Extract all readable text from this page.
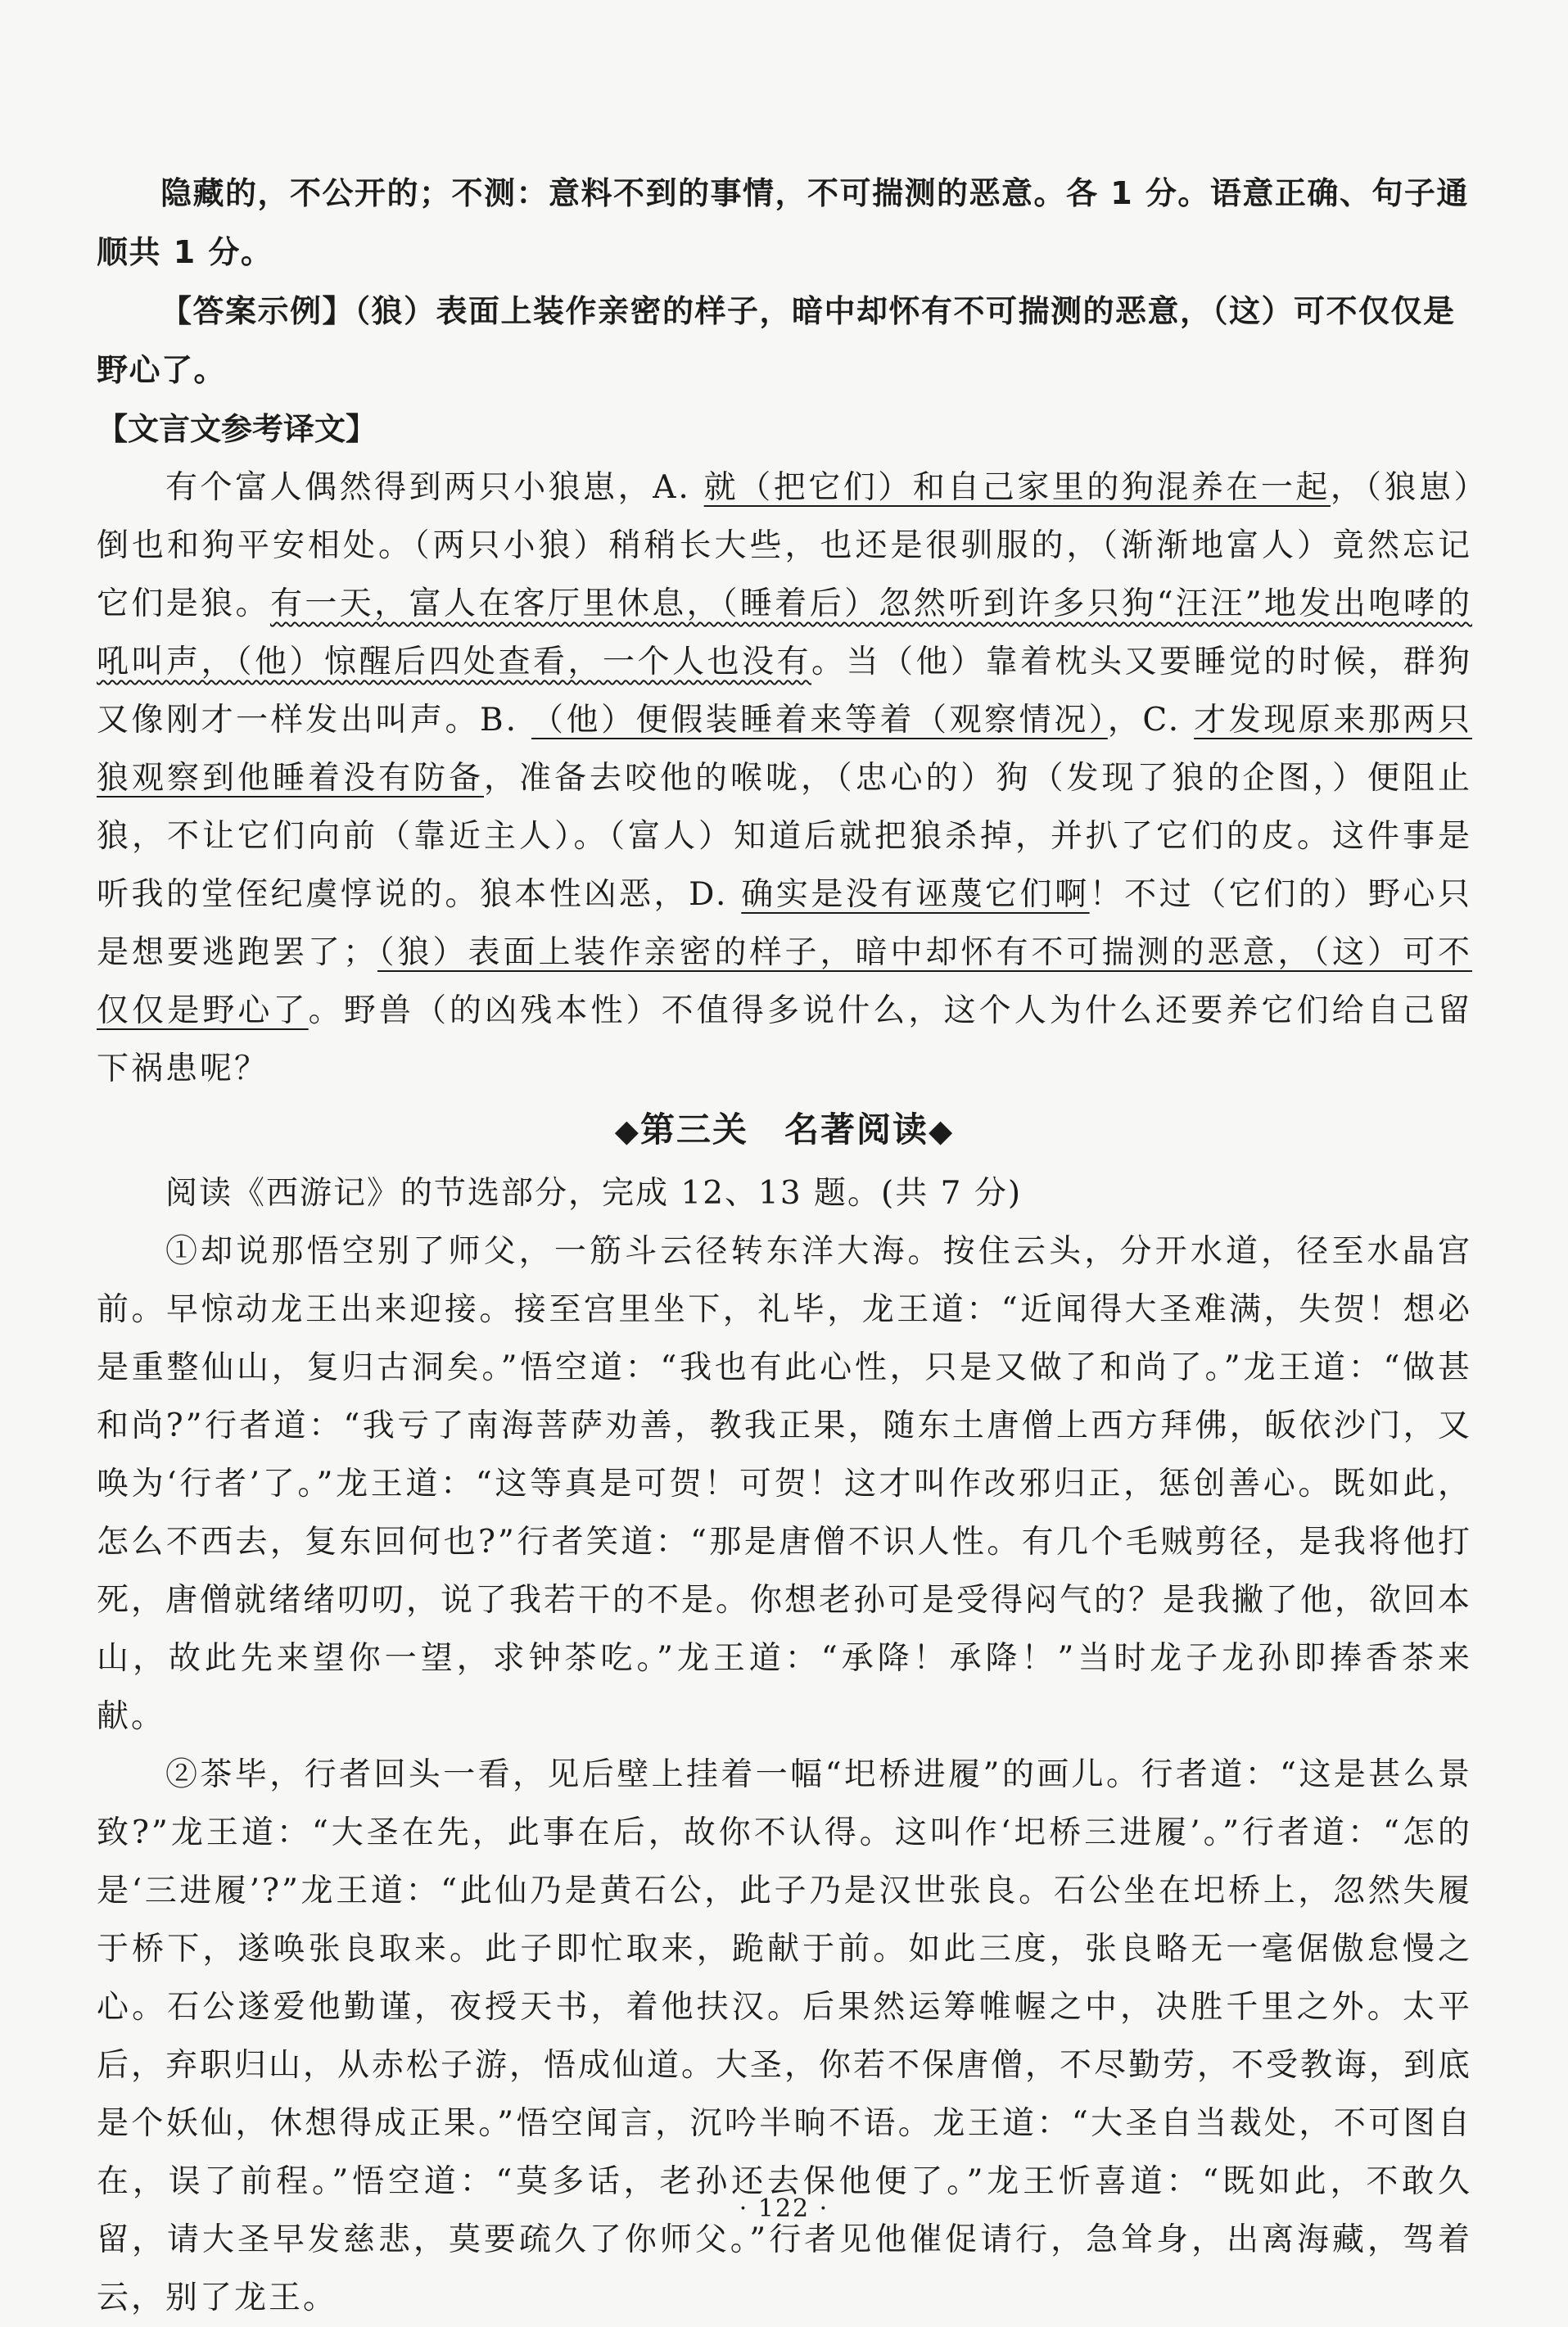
隐藏的，不公开的；不测：意料不到的事情，不可揣测的恶意。各 1 分。语意正确、句子通顺共 1 分。

【答案示例】（狼）表面上装作亲密的样子，暗中却怀有不可揣测的恶意，（这）可不仅仅是野心了。

【文言文参考译文】

有个富人偶然得到两只小狼崽，A. 就（把它们）和自己家里的狗混养在一起，（狼崽）倒也和狗平安相处。（两只小狼）稍稍长大些，也还是很驯服的，（渐渐地富人）竟然忘记它们是狼。有一天，富人在客厅里休息，（睡着后）忽然听到许多只狗“汪汪”地发出咆哮的吼叫声，（他）惊醒后四处查看，一个人也没有。当（他）靠着枕头又要睡觉的时候，群狗又像刚才一样发出叫声。B. （他）便假装睡着来等着（观察情况），C. 才发现原来那两只狼观察到他睡着没有防备，准备去咬他的喉咙，（忠心的）狗（发现了狼的企图，）便阻止狼，不让它们向前（靠近主人）。（富人）知道后就把狼杀掉，并扒了它们的皮。这件事是听我的堂侄纪虞惇说的。狼本性凶恶，D. 确实是没有诬蔑它们啊！不过（它们的）野心只是想要逃跑罢了；（狼）表面上装作亲密的样子，暗中却怀有不可揣测的恶意，（这）可不仅仅是野心了。野兽（的凶残本性）不值得多说什么，这个人为什么还要养它们给自己留下祸患呢？

◆第三关　名著阅读◆

阅读《西游记》的节选部分，完成 12、13 题。(共 7 分)

①却说那悟空别了师父，一筋斗云径转东洋大海。按住云头，分开水道，径至水晶宫前。早惊动龙王出来迎接。接至宫里坐下，礼毕，龙王道：“近闻得大圣难满，失贺！想必是重整仙山，复归古洞矣。”悟空道：“我也有此心性，只是又做了和尚了。”龙王道：“做甚和尚?”行者道：“我亏了南海菩萨劝善，教我正果，随东土唐僧上西方拜佛，皈依沙门，又唤为‘行者’了。”龙王道：“这等真是可贺！可贺！这才叫作改邪归正，惩创善心。既如此，怎么不西去，复东回何也?”行者笑道：“那是唐僧不识人性。有几个毛贼剪径，是我将他打死，唐僧就绪绪叨叨，说了我若干的不是。你想老孙可是受得闷气的？是我撇了他，欲回本山，故此先来望你一望，求钟茶吃。”龙王道：“承降！承降！”当时龙子龙孙即捧香茶来献。

②茶毕，行者回头一看，见后壁上挂着一幅“圯桥进履”的画儿。行者道：“这是甚么景致?”龙王道：“大圣在先，此事在后，故你不认得。这叫作‘圯桥三进履’。”行者道：“怎的是‘三进履’?”龙王道：“此仙乃是黄石公，此子乃是汉世张良。石公坐在圯桥上，忽然失履于桥下，遂唤张良取来。此子即忙取来，跪献于前。如此三度，张良略无一毫倨傲怠慢之心。石公遂爱他勤谨，夜授天书，着他扶汉。后果然运筹帷幄之中，决胜千里之外。太平后，弃职归山，从赤松子游，悟成仙道。大圣，你若不保唐僧，不尽勤劳，不受教诲，到底是个妖仙，休想得成正果。”悟空闻言，沉吟半晌不语。龙王道：“大圣自当裁处，不可图自在，误了前程。”悟空道：“莫多话，老孙还去保他便了。”龙王忻喜道：“既如此，不敢久留，请大圣早发慈悲，莫要疏久了你师父。”行者见他催促请行，急耸身，出离海藏，驾着云，别了龙王。

· 122 ·
